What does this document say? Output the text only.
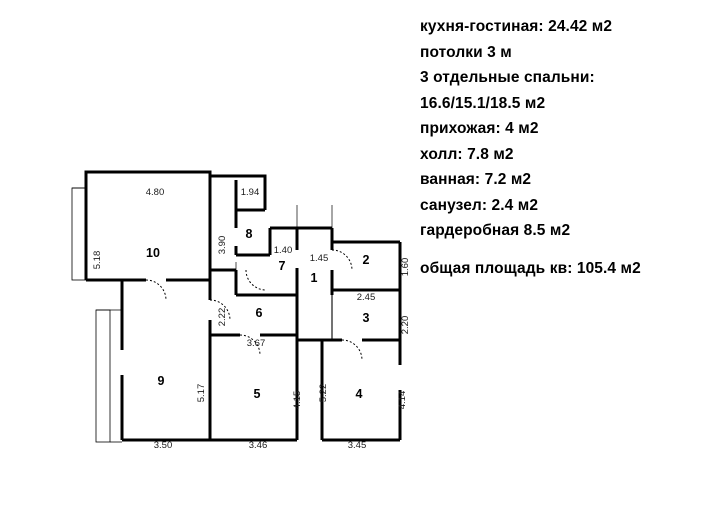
кухня-гостиная: 24.42 м2
потолки 3 м
3 отдельные спальни:
16.6/15.1/18.5 м2
прихожая: 4 м2
холл: 7.8 м2
ванная: 7.2 м2
санузел: 2.4 м2
гардеробная 8.5 м2
общая площадь кв: 105.4 м2
10
8
7
1
2
3
6
9
5	4
4.80	1.94
5.18
3.90	1.40
1.45	1.60
2.45
2.20
2.22
3.67
5.17	4.15 5.22	4.14
3.50	3.46	3.45
